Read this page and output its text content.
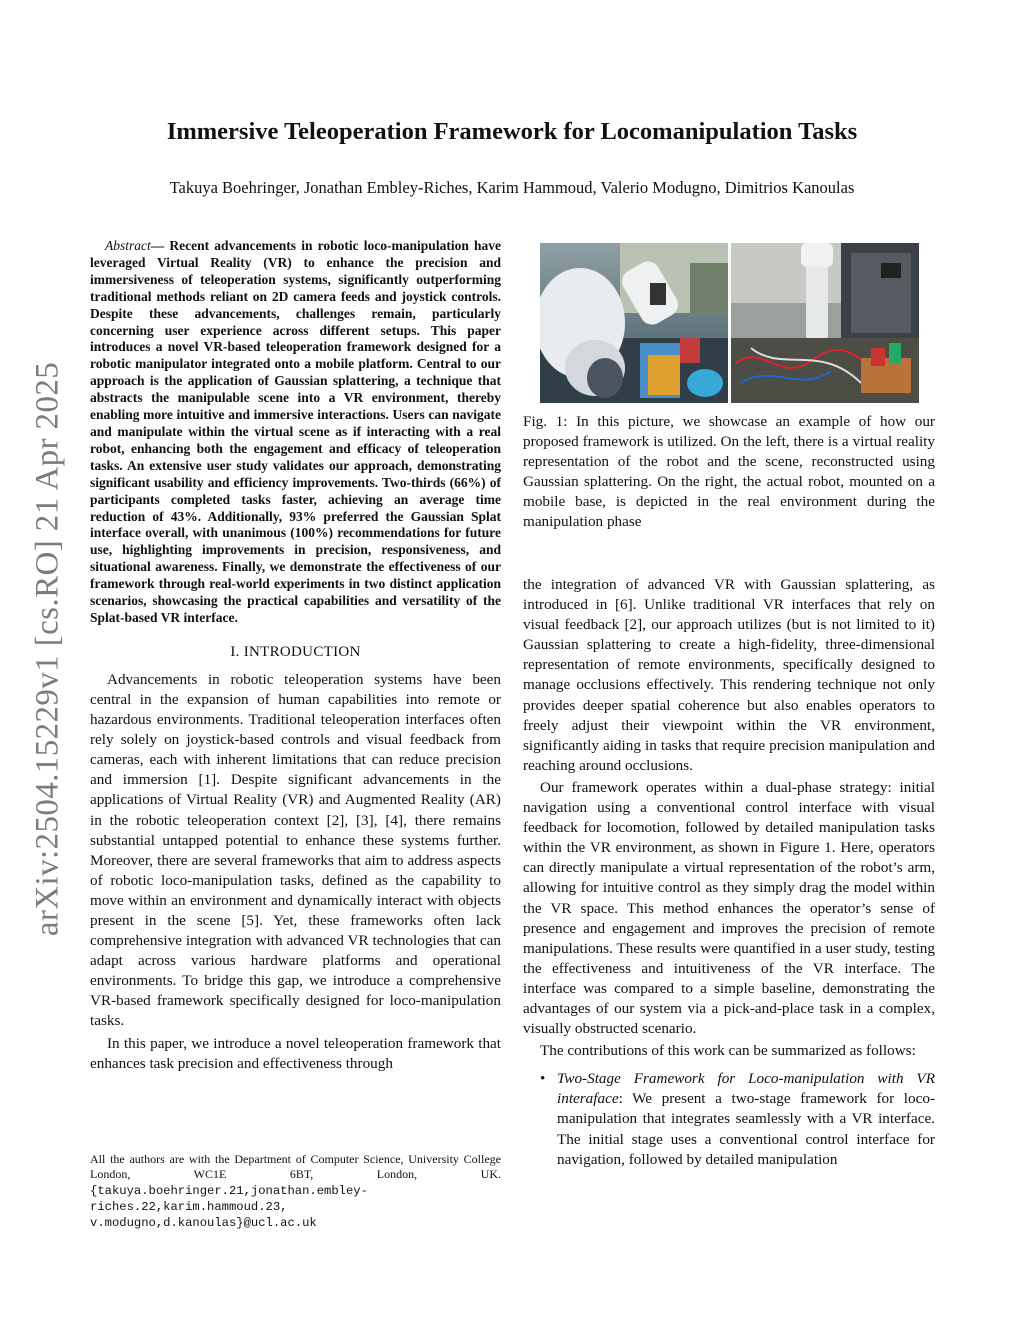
arXiv:2504.15229v1 [cs.RO] 21 Apr 2025
Immersive Teleoperation Framework for Locomanipulation Tasks
Takuya Boehringer, Jonathan Embley-Riches, Karim Hammoud, Valerio Modugno, Dimitrios Kanoulas

Abstract— Recent advancements in robotic loco-manipulation have leveraged Virtual Reality (VR) to enhance the precision and immersiveness of teleoperation systems, significantly outperforming traditional methods reliant on 2D camera feeds and joystick controls. Despite these advancements, challenges remain, particularly concerning user experience across different setups. This paper introduces a novel VR-based teleoperation framework designed for a robotic manipulator integrated onto a mobile platform. Central to our approach is the application of Gaussian splattering, a technique that abstracts the manipulable scene into a VR environment, thereby enabling more intuitive and immersive interactions. Users can navigate and manipulate within the virtual scene as if interacting with a real robot, enhancing both the engagement and efficacy of teleoperation tasks. An extensive user study validates our approach, demonstrating significant usability and efficiency improvements. Two-thirds (66%) of participants completed tasks faster, achieving an average time reduction of 43%. Additionally, 93% preferred the Gaussian Splat interface overall, with unanimous (100%) recommendations for future use, highlighting improvements in precision, responsiveness, and situational awareness. Finally, we demonstrate the effectiveness of our framework through real-world experiments in two distinct application scenarios, showcasing the practical capabilities and versatility of the Splat-based VR interface.

I. INTRODUCTION

Advancements in robotic teleoperation systems have been central in the expansion of human capabilities into remote or hazardous environments. Traditional teleoperation interfaces often rely solely on joystick-based controls and visual feedback from cameras, each with inherent limitations that can reduce precision and immersion [1]. Despite significant advancements in the applications of Virtual Reality (VR) and Augmented Reality (AR) in the robotic teleoperation context [2], [3], [4], there remains substantial untapped potential to enhance these systems further. Moreover, there are several frameworks that aim to address aspects of robotic loco-manipulation tasks, defined as the capability to move within an environment and dynamically interact with objects present in the scene [5]. Yet, these frameworks often lack comprehensive integration with advanced VR technologies that can adapt across various hardware platforms and operational environments. To bridge this gap, we introduce a comprehensive VR-based framework specifically designed for loco-manipulation tasks.

In this paper, we introduce a novel teleoperation framework that enhances task precision and effectiveness through

All the authors are with the Department of Computer Science, University College London, WC1E 6BT, London, UK.{takuya.boehringer.21,jonathan.embley-riches.22,karim.hammoud.23, v.modugno,d.kanoulas}@ucl.ac.uk
Fig. 1: In this picture, we showcase an example of how our proposed framework is utilized. On the left, there is a virtual reality representation of the robot and the scene, reconstructed using Gaussian splattering. On the right, the actual robot, mounted on a mobile base, is depicted in the real environment during the manipulation phase

the integration of advanced VR with Gaussian splattering, as introduced in [6]. Unlike traditional VR interfaces that rely on visual feedback [2], our approach utilizes (but is not limited to it) Gaussian splattering to create a high-fidelity, three-dimensional representation of remote environments, specifically designed to manage occlusions effectively. This rendering technique not only provides deeper spatial coherence but also enables operators to freely adjust their viewpoint within the VR environment, significantly aiding in tasks that require precision manipulation and reaching around occlusions.

Our framework operates within a dual-phase strategy: initial navigation using a conventional control interface with visual feedback for locomotion, followed by detailed manipulation tasks within the VR environment, as shown in Figure 1. Here, operators can directly manipulate a virtual representation of the robot’s arm, allowing for intuitive control as they simply drag the model within the VR space. This method enhances the operator’s sense of presence and engagement and improves the precision of remote manipulations. These results were quantified in a user study, testing the effectiveness and intuitiveness of the VR interface. The interface was compared to a simple baseline, demonstrating the advantages of our system via a pick-and-place task in a complex, visually obstructed scenario.

The contributions of this work can be summarized as follows:

• Two-Stage Framework for Loco-manipulation with VR interaface: We present a two-stage framework for loco-manipulation that integrates seamlessly with a VR interface. The initial stage uses a conventional control interface for navigation, followed by detailed manipulation
